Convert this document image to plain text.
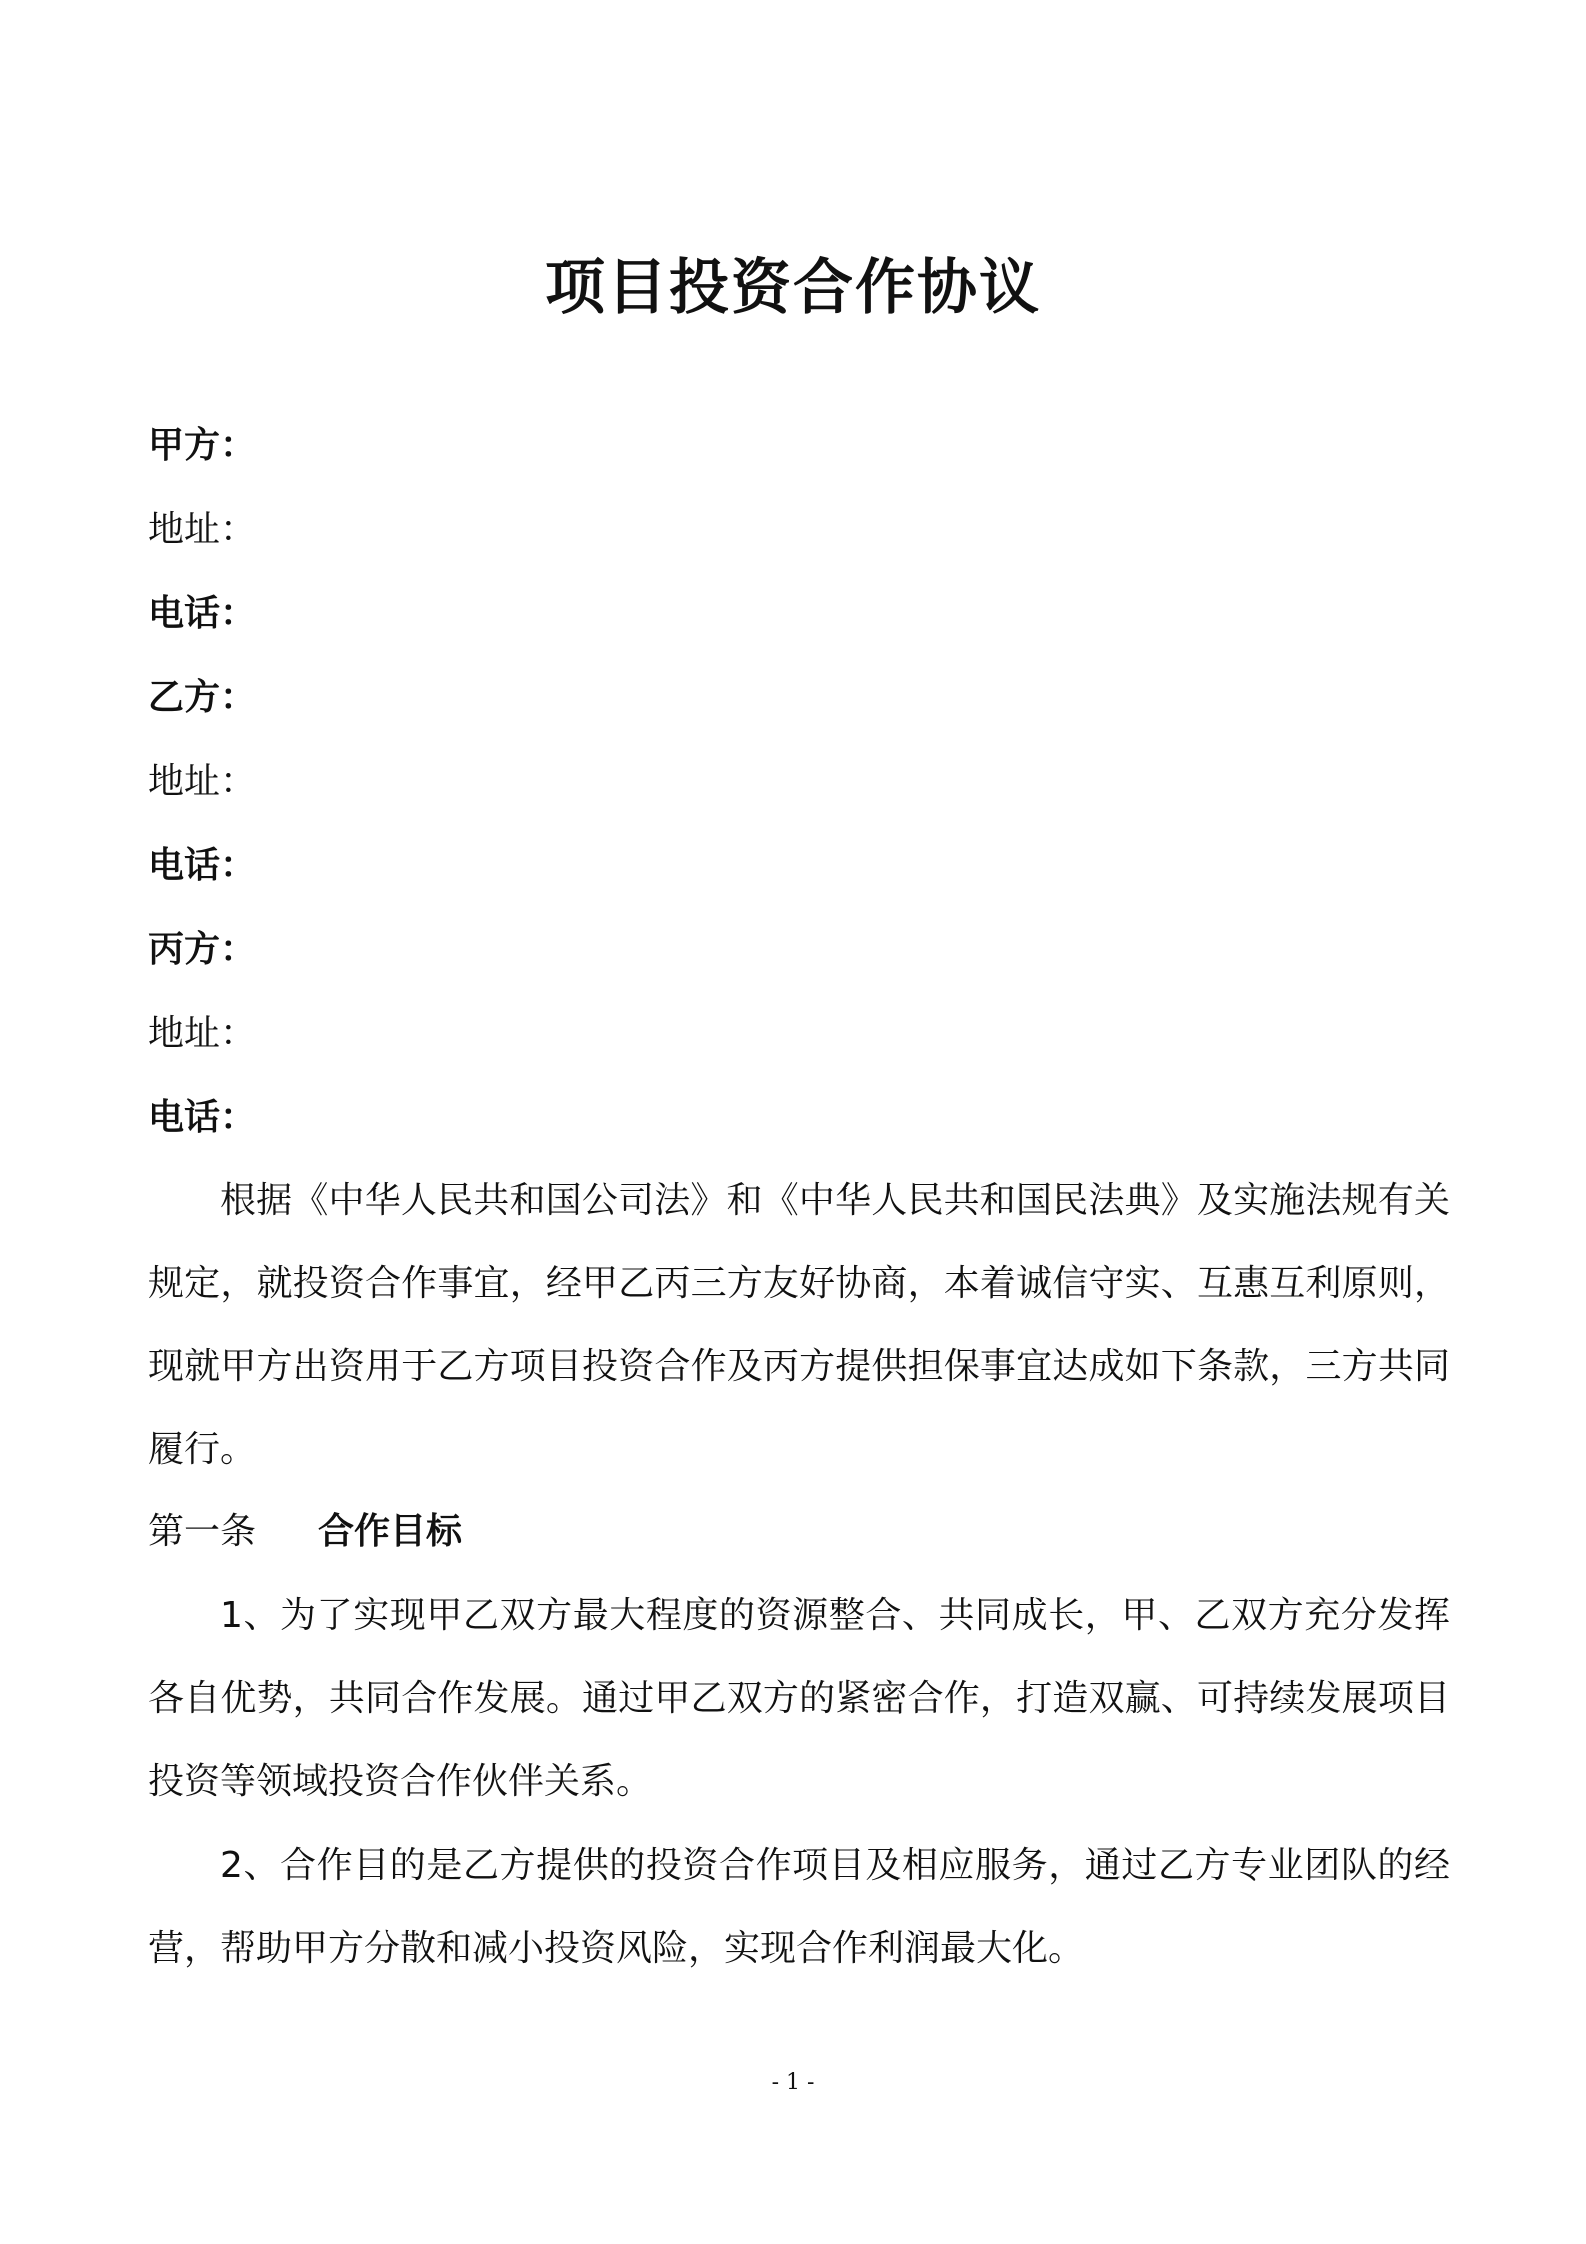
项目投资合作协议
甲方：
地址：
电话：
乙方：
地址：
电话：
丙方：
地址：
电话：
根据《中华人民共和国公司法》和《中华人民共和国民法典》及实施法规有关规定，就投资合作事宜，经甲乙丙三方友好协商，本着诚信守实、互惠互利原则，现就甲方出资用于乙方项目投资合作及丙方提供担保事宜达成如下条款，三方共同履行。
第一条 合作目标
1、为了实现甲乙双方最大程度的资源整合、共同成长，甲、乙双方充分发挥各自优势，共同合作发展。通过甲乙双方的紧密合作，打造双赢、可持续发展项目投资等领域投资合作伙伴关系。
2、合作目的是乙方提供的投资合作项目及相应服务，通过乙方专业团队的经营，帮助甲方分散和减小投资风险，实现合作利润最大化。
- 1 -
